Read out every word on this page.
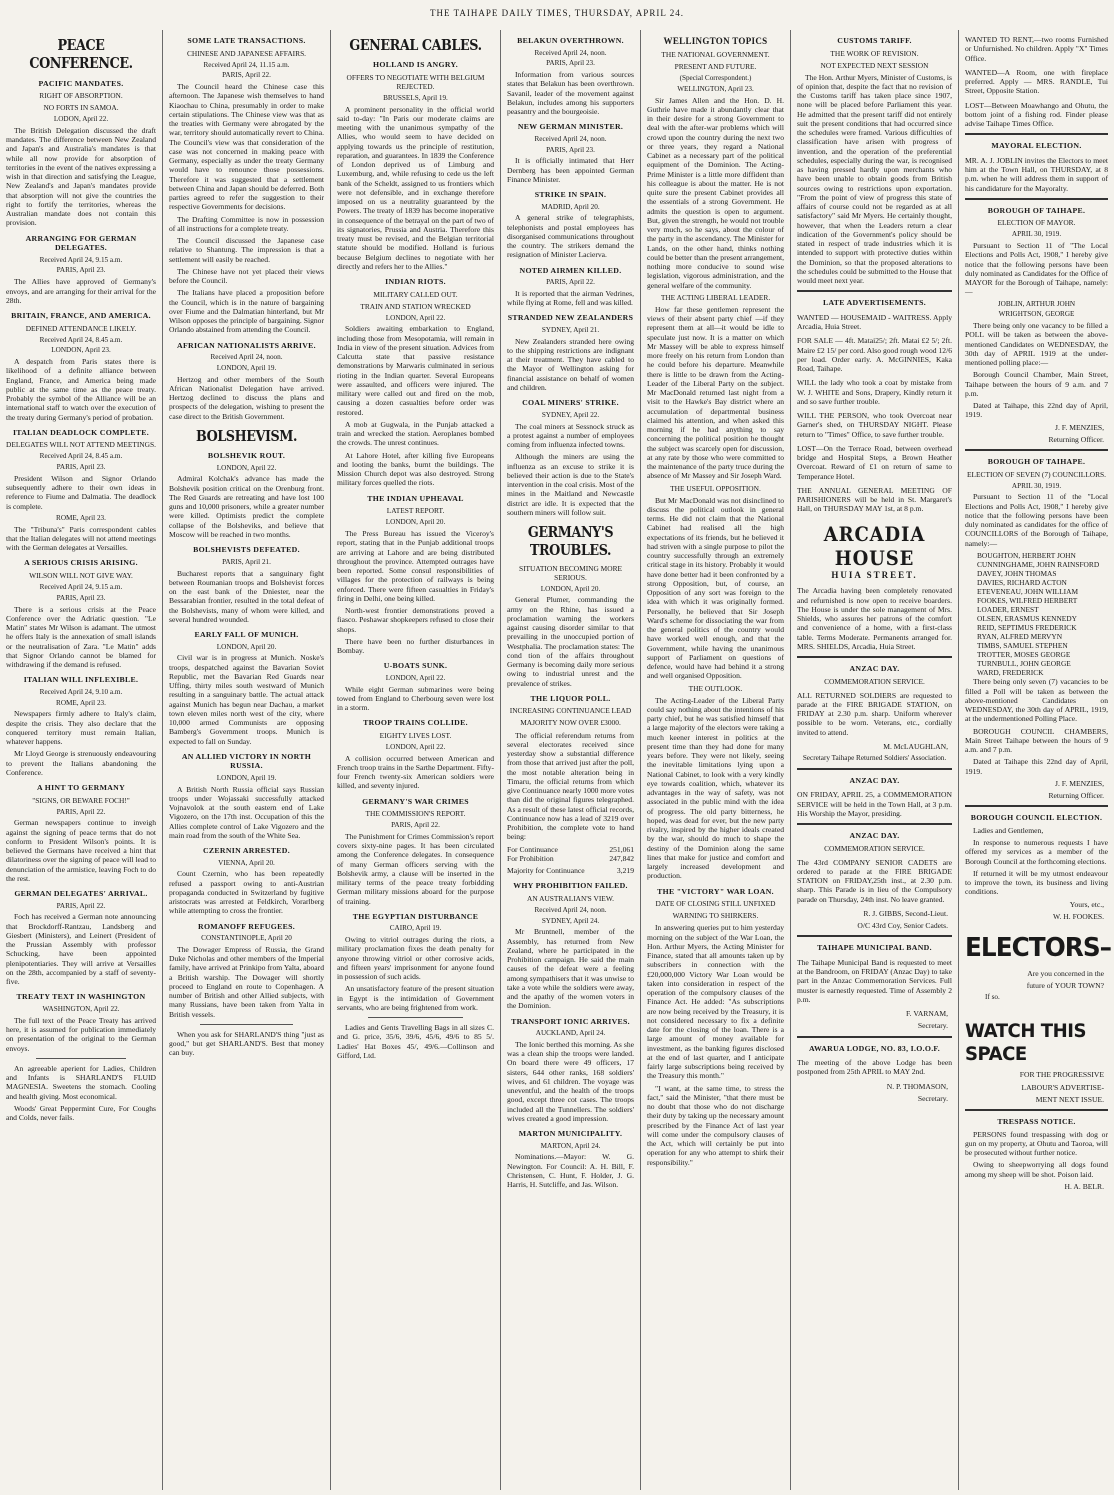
THE TAIHAPE DAILY TIMES, THURSDAY, APRIL 24.
PEACE CONFERENCE.
PACIFIC MANDATES.
RIGHT OF ABSORPTION.
NO FORTS IN SAMOA.
LODON, April 22.

The British Delegation discussed the draft mandates. The difference between New Zealand and Japan's and Australia's mandates is that while all now provide for absorption of territories in the event of the natives expressing a wish in that direction and satisfying the League, New Zealand's and Japan's mandates provide that absorption will not give the countries the right to fortify the territories, whereas the Australian mandate does not contain this provision.

ARRANGING FOR GERMAN DELEGATES.
Received April 24, 9.15 a.m.
PARIS, April 23.

The Allies have approved of Germany's envoys, and are arranging for their arrival for the 28th.

BRITAIN, FRANCE, AND AMERICA.
DEFINED ATTENDANCE LIKELY.
Received April 24, 8.45 a.m.
LONDON, April 23.

A despatch from Paris states there is likelihood of a definite alliance between England, France, and America being made public at the same time as the peace treaty. Probably the symbol of the Alliance will be an international staff to watch over the execution of the treaty during Germany's period of probation.

ITALIAN DEADLOCK COMPLETE.
DELEGATES WILL NOT ATTEND MEETINGS.
Received April 24, 8.45 a.m.
PARIS, April 23.

President Wilson and Signor Orlando subsequently adhere to their own ideas in reference to Fiume and Dalmatia. The deadlock is complete.

ROME, April 23.

The "Tribuna's" Paris correspondent cables that the Italian delegates will not attend meetings with the German delegates at Versailles.

A SERIOUS CRISIS ARISING.
WILSON WILL NOT GIVE WAY.
Received April 24, 9.15 a.m.
PARIS, April 23.

There is a serious crisis at the Peace Conference over the Adriatic question. "Le Matin" states Mr Wilson is adamant. The utmost he offers Italy is the annexation of small islands or the neutralisation of Zara. "Le Matin" adds that Signor Orlando cannot be blamed for withdrawing if the demand is refused.

ITALIAN WILL INFLEXIBLE.
Received April 24, 9.10 a.m.
ROME, April 23.

Newspapers firmly adhere to Italy's claim, despite the crisis. They also declare that the conquered territory must remain Italian, whatever happens.

Mr Lloyd George is strenuously endeavouring to prevent the Italians abandoning the Conference.

A HINT TO GERMANY
"SIGNS, OR BEWARE FOCH!"
PARIS, April 22.

German newspapers continue to inveigh against the signing of peace terms that do not conform to President Wilson's points. It is believed the Germans have received a hint that dilatoriness over the signing of peace will lead to denunciation of the armistice, leaving Foch to do the rest.

GERMAN DELEGATES' ARRIVAL.
PARIS, April 22.

Foch has received a German note announcing that Brockdorff-Rantzau, Landsberg and Giesbert (Ministers), and Leinert (President of the Prussian Assembly with professor Schucking, have been appointed plenipotentiaries. They will arrive at Versailles on the 28th, accompanied by a staff of seventy-five.

TREATY TEXT IN WASHINGTON
WASHINGTON, April 22.

The full text of the Peace Treaty has arrived here, it is assumed for publication immediately on presentation of the original to the German envoys.

An agreeable aperient for Ladies, Children and Infants is SHARLAND'S FLUID MAGNESIA. Sweetens the stomach. Cooling and health giving. Most economical.

Woods' Great Peppermint Cure, For Coughs and Colds, never fails.

SOME LATE TRANSACTIONS.
CHINESE AND JAPANESE AFFAIRS.
Received April 24, 11.15 a.m.
PARIS, April 22.

The Council heard the Chinese case this afternoon. The Japanese wish themselves to hand Kiaochau to China, presumably in order to make certain stipulations. The Chinese view was that as the treaties with Germany were abrogated by the war, territory should automatically revert to China. The Council's view was that consideration of the case was not concerned in making peace with Germany, especially as under the treaty Germany would have to renounce those possessions. Therefore it was suggested that a settlement between China and Japan should be deferred. Both parties agreed to refer the suggestion to their respective Governments for decisions.

The Drafting Committee is now in possession of all instructions for a complete treaty.

The Council discussed the Japanese case relative to Shantung. The impression is that a settlement will easily be reached.

The Chinese have not yet placed their views before the Council.

The Italians have placed a proposition before the Council, which is in the nature of bargaining over Fiume and the Dalmatian hinterland, but Mr Wilson opposes the principle of bargaining. Signor Orlando abstained from attending the Council.

AFRICAN NATIONALISTS ARRIVE.
Received April 24, noon.
LONDON, April 19.

Hertzog and other members of the South African Nationalist Delegation have arrived. Hertzog declined to discuss the plans and prospects of the delegation, wishing to present the case direct to the British Government.

BOLSHEVISM.
BOLSHEVIK ROUT.
LONDON, April 22.

Admiral Kolchak's advance has made the Bolshevik position critical on the Orenburg front. The Red Guards are retreating and have lost 100 guns and 10,000 prisoners, while a greater number were killed. Optimists predict the complete collapse of the Bolsheviks, and believe that Moscow will be reached in two months.

BOLSHEVISTS DEFEATED.
PARIS, April 21.

Bucharest reports that a sanguinary fight between Roumanian troops and Bolshevist forces on the east bank of the Dniester, near the Bessarabian frontier, resulted in the total defeat of the Bolshevists, many of whom were killed, and several hundred wounded.

EARLY FALL OF MUNICH.
LONDON, April 20.

Civil war is in progress at Munich. Noske's troops, despatched against the Bavarian Soviet Republic, met the Bavarian Red Guards near Uffing, thirty miles south westward of Munich resulting in a sanguinary battle. The actual attack against Munich has begun near Dachau, a market town eleven miles north west of the city, where 10,000 armed Communists are opposing Bamberg's Government troops. Munich is expected to fall on Sunday.

AN ALLIED VICTORY IN NORTH RUSSIA.
LONDON, April 19.

A British North Russia official says Russian troops under Wojassaki successfully attacked Vojnavolok at the south eastern end of Lake Vigozero, on the 17th inst. Occupation of this the Allies complete control of Lake Vigozero and the main road from the south of the White Sea.

CZERNIN ARRESTED.
VIENNA, April 20.

Count Czernin, who has been repeatedly refused a passport owing to anti-Austrian propaganda conducted in Switzerland by fugitive aristocrats was arrested at Feldkirch, Vorarlberg while attempting to cross the frontier.

ROMANOFF REFUGEES.
CONSTANTINOPLE, April 20

The Dowager Empress of Russia, the Grand Duke Nicholas and other members of the Imperial family, have arrived at Prinkipo from Yalta, aboard a British warship. The Dowager will shortly proceed to England en route to Copenhagen. A number of British and other Allied subjects, with many Russians, have been taken from Yalta in British vessels.

When you ask for SHARLAND'S thing "just as good," but get SHARLAND'S. Best that money can buy.

GENERAL CABLES.
HOLLAND IS ANGRY.
OFFERS TO NEGOTIATE WITH BELGIUM REJECTED.
BRUSSELS, April 19.

A prominent personality in the official world said to-day: "In Paris our moderate claims are meeting with the unanimous sympathy of the Allies, who would seem to have decided on applying towards us the principle of restitution, reparation, and guarantees. In 1839 the Conference of London deprived us of Limburg and Luxemburg, and, while refusing to cede us the left bank of the Scheldt, assigned to us frontiers which were not defensible, and in exchange therefore imposed on us a neutrality guaranteed by the Powers. The treaty of 1839 has become inoperative in consequence of the betrayal on the part of two of its signatories, Prussia and Austria. Therefore this treaty must be revised, and the Belgian territorial statute should be modified. Holland is furious because Belgium declines to negotiate with her directly and refers her to the Allies."

INDIAN RIOTS.
MILITARY CALLED OUT.
TRAIN AND STATION WRECKED
LONDON, April 22.

Soldiers awaiting embarkation to England, including those from Mesopotamia, will remain in India in view of the present situation. Advices from Calcutta state that passive resistance demonstrations by Marwaris culminated in serious rioting in the Indian quarter. Several Europeans were assaulted, and officers were injured. The military were called out and fired on the mob, causing a dozen casualties before order was restored.

A mob at Gugwala, in the Punjab attacked a train and wrecked the station. Aeroplanes bombed the crowds. The unrest continues.

At Lahore Hotel, after killing five Europeans and looting the banks, burnt the buildings. The Mission Church depot was also destroyed. Strong military forces quelled the riots.

THE INDIAN UPHEAVAL
LATEST REPORT.
LONDON, April 20.

The Press Bureau has issued the Viceroy's report, stating that in the Punjab additional troops are arriving at Lahore and are being distributed throughout the province. Attempted outrages have been reported. Some consul responsibilities of villages for the protection of railways is being enforced. There were fifteen casualties in Friday's firing in Delhi, one being killed.

North-west frontier demonstrations proved a fiasco. Peshawar shopkeepers refused to close their shops.

There have been no further disturbances in Bombay.

U-BOATS SUNK.
LONDON, April 22.

While eight German submarines were being towed from England to Cherbourg seven were lost in a storm.

TROOP TRAINS COLLIDE.
EIGHTY LIVES LOST.
LONDON, April 22.

A collision occurred between American and French troop trains in the Sarthe Department. Fifty-four French twenty-six American soldiers were killed, and seventy injured.

GERMANY'S WAR CRIMES
THE COMMISSION'S REPORT.
PARIS, April 22.

The Punishment for Crimes Commission's report covers sixty-nine pages. It has been circulated among the Conference delegates. In consequence of many German officers serving with the Bolshevik army, a clause will be inserted in the military terms of the peace treaty forbidding German military missions aboard for the purpose of training.

THE EGYPTIAN DISTURBANCE
CAIRO, April 19.

Owing to vitriol outrages during the riots, a military proclamation fixes the death penalty for anyone throwing vitriol or other corrosive acids, and fifteen years' imprisonment for anyone found in possession of such acids.

An unsatisfactory feature of the present situation in Egypt is the intimidation of Government servants, who are being frightened from work.

Ladies and Gents Travelling Bags in all sizes C. and G. price, 35/6, 39/6, 45/6, 49/6 to 85 5/. Ladies' Hat Boxes 45/, 49/6.—Collinson and Gifford, Ltd.

BELAKUN OVERTHROWN.
Received April 24, noon.
PARIS, April 23.

Information from various sources states that Belakun has been overthrown. Savanil, leader of the movement against Belakun, includes among his supporters peasantry and the bourgeoisie.

NEW GERMAN MINISTER.
Received April 24, noon.
PARIS, April 23.

It is officially intimated that Herr Dernberg has been appointed German Finance Minister.

STRIKE IN SPAIN.
MADRID, April 20.

A general strike of telegraphists, telephonists and postal employees has disorganised communications throughout the country. The strikers demand the resignation of Minister Lacierva.

NOTED AIRMEN KILLED.
PARIS, April 22.

It is reported that the airman Vedrines, while flying at Rome, fell and was killed.

STRANDED NEW ZEALANDERS
SYDNEY, April 21.

New Zealanders stranded here owing to the shipping restrictions are indignant at their treatment. They have cabled to the Mayor of Wellington asking for financial assistance on behalf of women and children.

COAL MINERS' STRIKE.
SYDNEY, April 22.

The coal miners at Sessnock struck as a protest against a number of employees coming from influenza infected towns.

Although the miners are using the influenza as an excuse to strike it is believed their action is due to the State's intervention in the coal crisis. Most of the mines in the Maitland and Newcastle district are idle. It is expected that the southern miners will follow suit.

GERMANY'S TROUBLES.
SITUATION BECOMING MORE SERIOUS.
LONDON, April 20.

General Plumer, commanding the army on the Rhine, has issued a proclamation warning the workers against causing disorder similar to that prevailing in the unoccupied portion of Westphalia. The proclamation states: The cond tion of the affairs throughout Germany is becoming daily more serious owing to industrial unrest and the prevalence of strikes.

THE LIQUOR POLL.
INCREASING CONTINUANCE LEAD
MAJORITY NOW OVER £3000.

The official referendum returns from several electorates received since yesterday show a substantial difference from those that arrived just after the poll, the most notable alteration being in Timaru, the official returns from which give Continuance nearly 1000 more votes than did the original figures telegraphed. As a result of these latest official records, Continuance now has a lead of 3219 over Prohibition, the complete vote to hand being:

For Continuance	251,061
For Prohibition	247,842
Majority for Continuance	3,219
WHY PROHIBITION FAILED.
AN AUSTRALIAN'S VIEW.
Received April 24, noon.
SYDNEY, April 24.

Mr Bruntnell, member of the Assembly, has returned from New Zealand, where he participated in the Prohibition campaign. He said the main causes of the defeat were a feeling among sympathisers that it was unwise to take a vote while the soldiers were away, and the apathy of the women voters in the Dominion.

TRANSPORT IONIC ARRIVES.
AUCKLAND, April 24.

The Ionic berthed this morning. As she was a clean ship the troops were landed. On board there were 49 officers, 17 sisters, 644 other ranks, 168 soldiers' wives, and 61 children. The voyage was uneventful, and the health of the troops good, except three cot cases. The troops included all the Tunnellers. The soldiers' wives created a good impression.

MARTON MUNICIPALITY.
MARTON, April 24.

Nominations.—Mayor: W. G. Newington. For Council: A. H. Bill, F. Christensen, C. Hunt, F. Holder, J. G. Harris, H. Sutcliffe, and Jas. Wilson.

WELLINGTON TOPICS
THE NATIONAL GOVERNMENT.
PRESENT AND FUTURE.
(Special Correspondent.)
WELLINGTON, April 23.

Sir James Allen and the Hon. D. H. Guthrie have made it abundantly clear that in their desire for a strong Government to deal with the after-war problems which will crowd upon the country during the next two or three years, they regard a National Cabinet as a necessary part of the political equipment of the Dominion. The Acting-Prime Minister is a little more diffident than his colleague is about the matter. He is not quite sure the present Cabinet provides all the essentials of a strong Government. He admits the question is open to argument. But, given the strength, he would not trouble very much, so he says, about the colour of the party in the ascendancy. The Minister for Lands, on the other hand, thinks nothing could be better than the present arrangement, nothing more conducive to sound wise legislation, vigorous administration, and the general welfare of the community.

THE ACTING LIBERAL LEADER.

How far these gentlemen represent the views of their absent party chief —if they represent them at all—it would be idle to speculate just now. It is a matter on which Mr Massey will be able to express himself more freely on his return from London than he could before his departure. Meanwhile there is little to be drawn from the Acting-Leader of the Liberal Party on the subject. Mr MacDonald returned last night from a visit to the Hawke's Bay district where an accumulation of departmental business claimed his attention, and when asked this morning if he had anything to say concerning the political position he thought the subject was scarcely open for discussion, at any rate by those who were committed to the maintenance of the party truce during the absence of Mr Massey and Sir Joseph Ward.

THE USEFUL OPPOSITION.

But Mr MacDonald was not disinclined to discuss the political outlook in general terms. He did not claim that the National Cabinet had realised all the high expectations of its friends, but he believed it had striven with a single purpose to pilot the country successfully through an extremely critical stage in its history. Probably it would have done better had it been confronted by a strong Opposition, but, of course, an Opposition of any sort was foreign to the idea with which it was originally formed. Personally, he believed that Sir Joseph Ward's scheme for dissociating the war from the general politics of the country would have worked well enough, and that the Government, while having the unanimous support of Parliament on questions of defence, would have had behind it a strong and well organised Opposition.

THE OUTLOOK.

The Acting-Leader of the Liberal Party could say nothing about the intentions of his party chief, but he was satisfied himself that a large majority of the electors were taking a much keener interest in politics at the present time than they had done for many years before. They were not likely, seeing the inevitable limitations lying upon a National Cabinet, to look with a very kindly eye towards coalition, which, whatever its advantages in the way of safety, was not associated in the public mind with the idea of progress. The old party bitterness, he hoped, was dead for ever, but the new party rivalry, inspired by the higher ideals created by the war, should do much to shape the destiny of the Dominion along the same lines that make for justice and comfort and largely increased development and production.

THE "VICTORY" WAR LOAN.
DATE OF CLOSING STILL UNFIXED
WARNING TO SHIRKERS.

In answering queries put to him yesterday morning on the subject of the War Loan, the Hon. Arthur Myers, the Acting Minister for Finance, stated that all amounts taken up by subscribers in connection with the £20,000,000 Victory War Loan would be taken into consideration in respect of the operation of the compulsory clauses of the Finance Act. He added: "As subscriptions are now being received by the Treasury, it is not considered necessary to fix a definite date for the closing of the loan. There is a large amount of money available for investment, as the banking figures disclosed at the end of last quarter, and I anticipate fairly large subscriptions being received by the Treasury this month."

"I want, at the same time, to stress the fact," said the Minister, "that there must be no doubt that those who do not discharge their duty by taking up the necessary amount prescribed by the Finance Act of last year will come under the compulsory clauses of the Act, which will certainly be put into operation for any who attempt to shirk their responsibility."

CUSTOMS TARIFF.
THE WORK OF REVISION.
NOT EXPECTED NEXT SESSION

The Hon. Arthur Myers, Minister of Customs, is of opinion that, despite the fact that no revision of the Customs tariff has taken place since 1907, none will be placed before Parliament this year. He admitted that the present tariff did not entirely suit the present conditions that had occurred since the schedules were framed. Various difficulties of classification have arisen with progress of invention, and the operation of the preferential schedules, especially during the war, is recognised as having pressed hardly upon merchants who have been unable to obtain goods from British sources owing to restrictions upon exportation. "From the point of view of progress this state of affairs of course could not be regarded as at all satisfactory" said Mr Myers. He certainly thought, however, that when the Leaders return a clear indication of the Government's policy should be stated in respect of trade industries which it is intended to support with protective duties within the Dominion, so that the proposed alterations to the schedules could be submitted to the House that would meet next year.

LATE ADVERTISEMENTS.

WANTED — HOUSEMAID - WAITRESS. Apply Arcadia, Huia Street.

FOR SALE — 4ft. Matai25/; 2ft. Matai £2 5/; 2ft. Maire £2 15/ per cord. Also good rough wood 12/6 per load. Order early. A. McGINNIES, Kaka Road, Taihape.

WILL the lady who took a coat by mistake from W. J. WHITE and Sons, Drapery, Kindly return it and so save further trouble.

WILL THE PERSON, who took Overcoat near Garner's shed, on THURSDAY NIGHT. Please return to "Times" Office, to save further trouble.

LOST—On the Terrace Road, between overhead bridge and Hospital Steps, a Brown Heather Overcoat. Reward of £1 on return of same to Temperance Hotel.

THE ANNUAL GENERAL MEETING OF PARISHIONERS will be held in St. Margaret's Hall, on THURSDAY MAY 1st, at 8 p.m.

ARCADIA HOUSE
HUIA STREET.

The Arcadia having been completely renovated and refurnished is now open to receive boarders. The House is under the sole management of Mrs. Shields, who assures her patrons of the comfort and convenience of a home, with a first-class table. Terms Moderate. Permanents arranged for. MRS. SHIELDS, Arcadia, Huia Street.

ANZAC DAY.
COMMEMORATION SERVICE.

ALL RETURNED SOLDIERS are requested to parade at the FIRE BRIGADE STATION, on FRIDAY at 2.30 p.m. sharp. Uniform wherever possible to be worn. Veterans, etc., cordially invited to attend.

M. McLAUGHLAN,
Secretary Taihape Returned Soldiers' Association.
ANZAC DAY.

ON FRIDAY, APRIL 25, a COMMEMORATION SERVICE will be held in the Town Hall, at 3 p.m. His Worship the Mayor, presiding.

ANZAC DAY.
COMMEMORATION SERVICE.

The 43rd COMPANY SENIOR CADETS are ordered to parade at the FIRE BRIGADE STATION on FRIDAY,25th inst., at 2.30 p.m. sharp. This Parade is in lieu of the Compulsory parade on Thursday, 24th inst. No leave granted.

R. J. GIBBS, Second-Lieut.
O/C 43rd Coy, Senior Cadets.
TAIHAPE MUNICIPAL BAND.

The Taihape Municipal Band is requested to meet at the Bandroom, on FRIDAY (Anzac Day) to take part in the Anzac Commemoration Services. Full muster is earnestly requested. Time of Assembly 2 p.m.

F. VARNAM,
Secretary.
AWARUA LODGE, NO. 83, I.O.O.F.

The meeting of the above Lodge has been postponed from 25th APRIL to MAY 2nd.

N. P. THOMASON,
Secretary.

WANTED TO RENT,—two rooms Furnished or Unfurnished. No children. Apply "X" Times Office.

WANTED—A Room, one with fireplace preferred. Apply — MRS. RANDLE, Tui Street, Opposite Station.

LOST—Between Moawhango and Ohutu, the bottom joint of a fishing rod. Finder please advise Taihape Times Office.

MAYORAL ELECTION.

MR. A. J. JOBLIN invites the Electors to meet him at the Town Hall, on THURSDAY, at 8 p.m. when he will address them in support of his candidature for the Mayoralty.

BOROUGH OF TAIHAPE.
ELECTION OF MAYOR.
APRIL 30, 1919.

Pursuant to Section 11 of "The Local Elections and Polls Act, 1908," I hereby give notice that the following persons have been duly nominated as Candidates for the Office of MAYOR for the Borough of Taihape, namely:—

JOBLIN, ARTHUR JOHN
WRIGHTSON, GEORGE

There being only one vacancy to be filled a POLL will be taken as between the above-mentioned Candidates on WEDNESDAY, the 30th day of APRIL 1919 at the under-mentioned polling place:—

Borough Council Chamber, Main Street, Taihape between the hours of 9 a.m. and 7 p.m.

Dated at Taihape, this 22nd day of April, 1919.

J. F. MENZIES,
Returning Officer.
BOROUGH OF TAIHAPE.
ELECTION OF SEVEN (7) COUNCILLORS.
APRIL 30, 1919.

Pursuant to Section 11 of the "Local Elections and Polls Act, 1908," I hereby give notice that the following persons have been duly nominated as candidates for the office of COUNCILLORS of the Borough of Taihape, namely:—

BOUGHTON, HERBERT JOHN
CUNNINGHAME, JOHN RAINSFORD
DAVEY, JOHN THOMAS
DAVIES, RICHARD ACTON
ETEVENEAU, JOHN WILLIAM
FOOKES, WILFRED HERBERT
LOADER, ERNEST
OLSEN, ERASMUS KENNEDY
REID, SEPTIMUS FREDERICK
RYAN, ALFRED MERVYN
TIMBS, SAMUEL STEPHEN
TROTTER, MOSES GEORGE
TURNBULL, JOHN GEORGE
WARD, FREDERICK

There being only seven (7) vacancies to be filled a Poll will be taken as between the above-mentioned Candidates on WEDNESDAY, the 30th day of APRIL, 1919, at the undermentioned Polling Place.

BOROUGH COUNCIL CHAMBERS, Main Street Taihape between the hours of 9 a.m. and 7 p.m.

Dated at Taihape this 22nd day of April, 1919.

J. F. MENZIES,
Returning Officer.
BOROUGH COUNCIL ELECTION.

Ladies and Gentlemen,

In response to numerous requests I have offered my services as a member of the Borough Council at the forthcoming elections.

If returned it will be my utmost endeavour to improve the town, its business and living conditions.

Yours, etc.,
W. H. FOOKES.
ELECTORS–
Are you concerned in the
future of YOUR TOWN?
If so.
WATCH THIS SPACE
FOR THE PROGRESSIVE
LABOUR'S ADVERTISE-
MENT NEXT ISSUE.
TRESPASS NOTICE.

PERSONS found trespassing with dog or gun on my property, at Ohutu and Taoroa, will be prosecuted without further notice.

Owing to sheepworrying all dogs found among my sheep will be shot. Poison laid.

H. A. BELR.
